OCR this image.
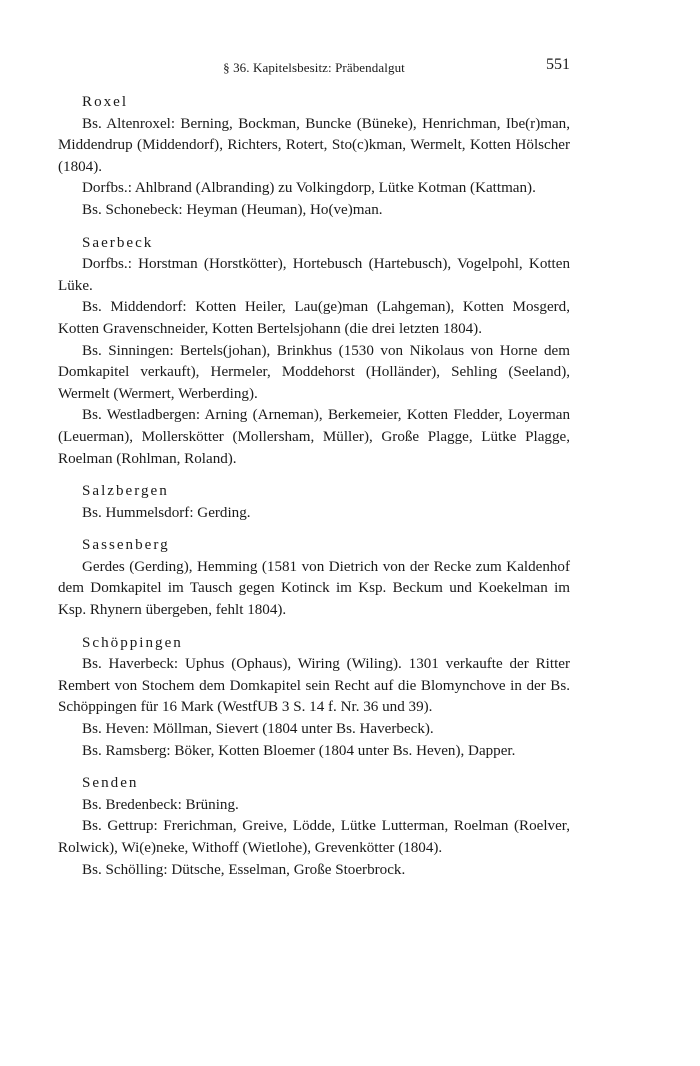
§ 36. Kapitelsbesitz: Präbendalgut	551
Roxel

Bs. Altenroxel: Berning, Bockman, Buncke (Büneke), Henrichman, Ibe(r)man, Middendrup (Middendorf), Richters, Rotert, Sto(c)kman, Wermelt, Kotten Hölscher (1804).

Dorfbs.: Ahlbrand (Albranding) zu Volkingdorp, Lütke Kotman (Kattman).

Bs. Schonebeck: Heyman (Heuman), Ho(ve)man.

Saerbeck

Dorfbs.: Horstman (Horstkötter), Hortebusch (Hartebusch), Vogelpohl, Kotten Lüke.

Bs. Middendorf: Kotten Heiler, Lau(ge)man (Lahgeman), Kotten Mosgerd, Kotten Gravenschneider, Kotten Bertelsjohann (die drei letzten 1804).

Bs. Sinningen: Bertels(johan), Brinkhus (1530 von Nikolaus von Horne dem Domkapitel verkauft), Hermeler, Moddehorst (Holländer), Sehling (Seeland), Wermelt (Wermert, Werberding).

Bs. Westladbergen: Arning (Arneman), Berkemeier, Kotten Fledder, Loyerman (Leuerman), Mollerskötter (Mollersham, Müller), Große Plagge, Lütke Plagge, Roelman (Rohlman, Roland).

Salzbergen

Bs. Hummelsdorf: Gerding.

Sassenberg

Gerdes (Gerding), Hemming (1581 von Dietrich von der Recke zum Kaldenhof dem Domkapitel im Tausch gegen Kotinck im Ksp. Beckum und Koekelman im Ksp. Rhynern übergeben, fehlt 1804).

Schöppingen

Bs. Haverbeck: Uphus (Ophaus), Wiring (Wiling). 1301 verkaufte der Ritter Rembert von Stochem dem Domkapitel sein Recht auf die Blomynchove in der Bs. Schöppingen für 16 Mark (WestfUB 3 S. 14 f. Nr. 36 und 39).

Bs. Heven: Möllman, Sievert (1804 unter Bs. Haverbeck).

Bs. Ramsberg: Böker, Kotten Bloemer (1804 unter Bs. Heven), Dapper.

Senden

Bs. Bredenbeck: Brüning.

Bs. Gettrup: Frerichman, Greive, Lödde, Lütke Lutterman, Roelman (Roelver, Rolwick), Wi(e)neke, Withoff (Wietlohe), Grevenkötter (1804).

Bs. Schölling: Dütsche, Esselman, Große Stoerbrock.
